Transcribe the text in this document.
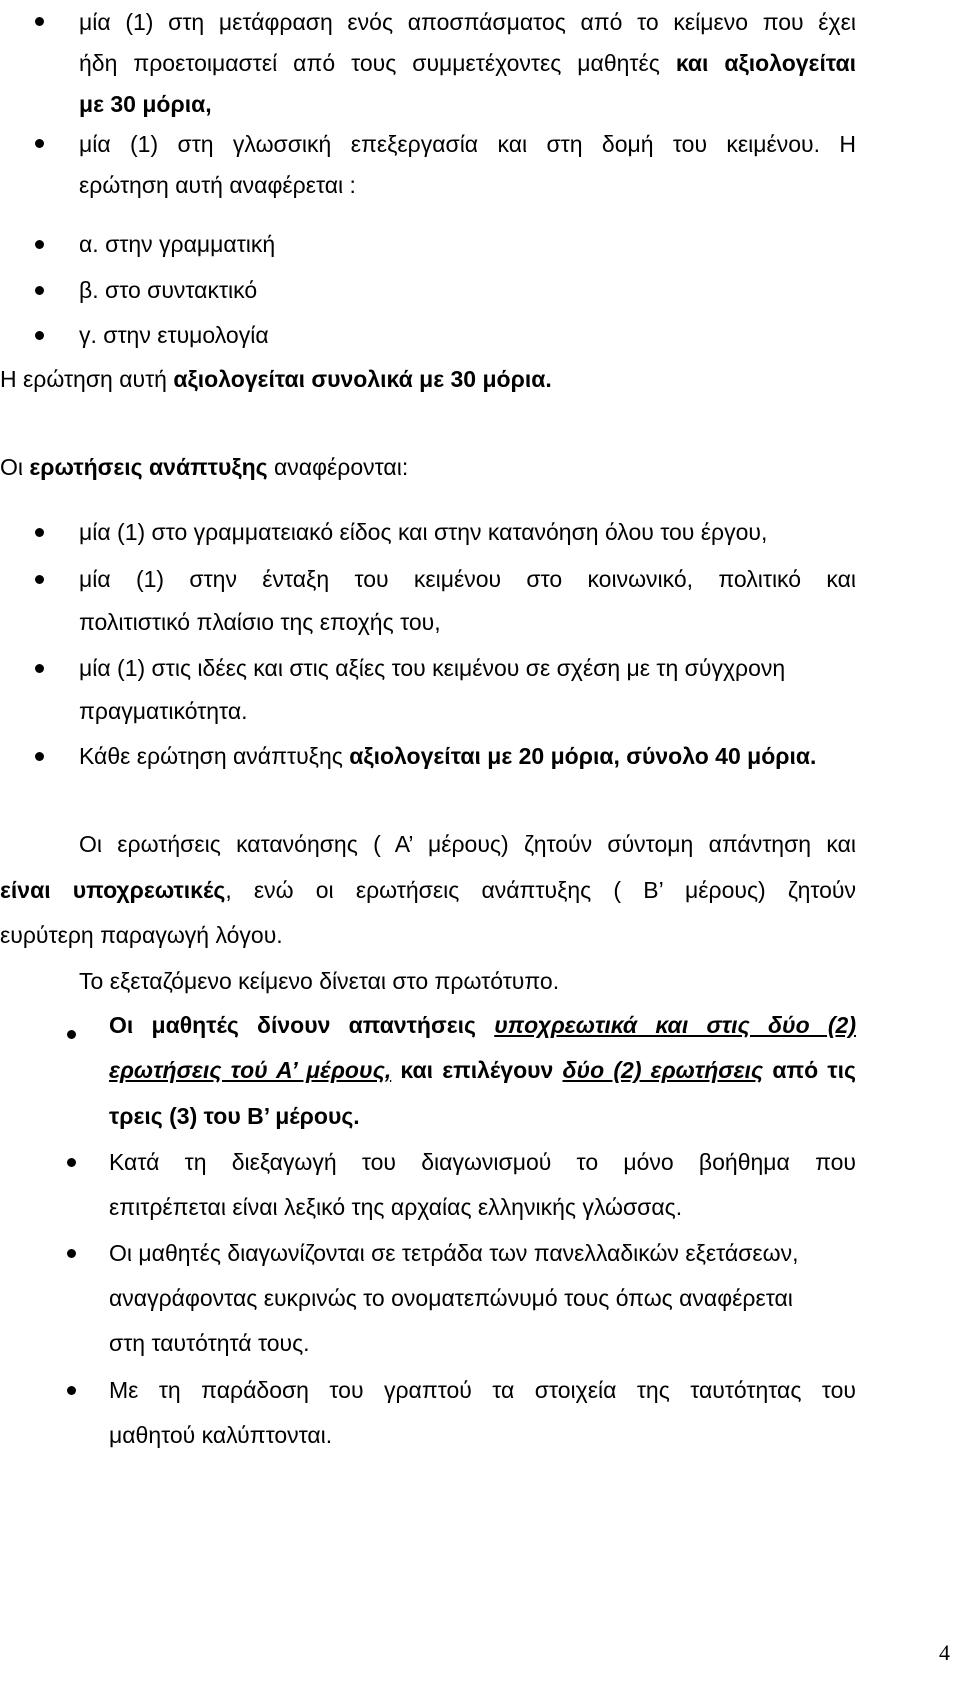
μία (1) στη μετάφραση ενός αποσπάσματος από το κείμενο που έχει
ήδη προετοιμαστεί από τους συμμετέχοντες μαθητές και αξιολογείται
με 30 μόρια,
μία (1) στη γλωσσική επεξεργασία και στη δομή του κειμένου. Η
ερώτηση αυτή αναφέρεται :
α. στην γραμματική
β. στο συντακτικό
γ. στην ετυμολογία
Η ερώτηση αυτή αξιολογείται συνολικά με 30 μόρια.
Οι ερωτήσεις ανάπτυξης αναφέρονται:
μία (1) στο γραμματειακό είδος και στην κατανόηση όλου του έργου,
μία (1) στην ένταξη του κειμένου στο κοινωνικό, πολιτικό και
πολιτιστικό πλαίσιο της εποχής του,
μία (1) στις ιδέες και στις αξίες του κειμένου σε σχέση με τη σύγχρονη
πραγματικότητα.
Κάθε ερώτηση ανάπτυξης αξιολογείται με 20 μόρια, σύνολο 40 μόρια.
Οι ερωτήσεις κατανόησης ( Α’ μέρους) ζητούν σύντομη απάντηση και
είναι υποχρεωτικές, ενώ οι ερωτήσεις ανάπτυξης ( Β’ μέρους) ζητούν
ευρύτερη παραγωγή λόγου.
Το εξεταζόμενο κείμενο δίνεται στο πρωτότυπο.
Οι μαθητές δίνουν απαντήσεις υποχρεωτικά και στις δύο (2)
ερωτήσεις τού Α’ μέρους, και επιλέγουν δύο (2) ερωτήσεις από τις
τρεις (3) του Β’ μέρους.
Κατά τη διεξαγωγή του διαγωνισμού το μόνο βοήθημα που
επιτρέπεται είναι λεξικό της αρχαίας ελληνικής γλώσσας.
Οι μαθητές διαγωνίζονται σε τετράδα των πανελλαδικών εξετάσεων,
αναγράφοντας ευκρινώς το ονοματεπώνυμό τους όπως αναφέρεται
στη ταυτότητά τους.
Με τη παράδοση του γραπτού τα στοιχεία της ταυτότητας του
μαθητού καλύπτονται.
4
